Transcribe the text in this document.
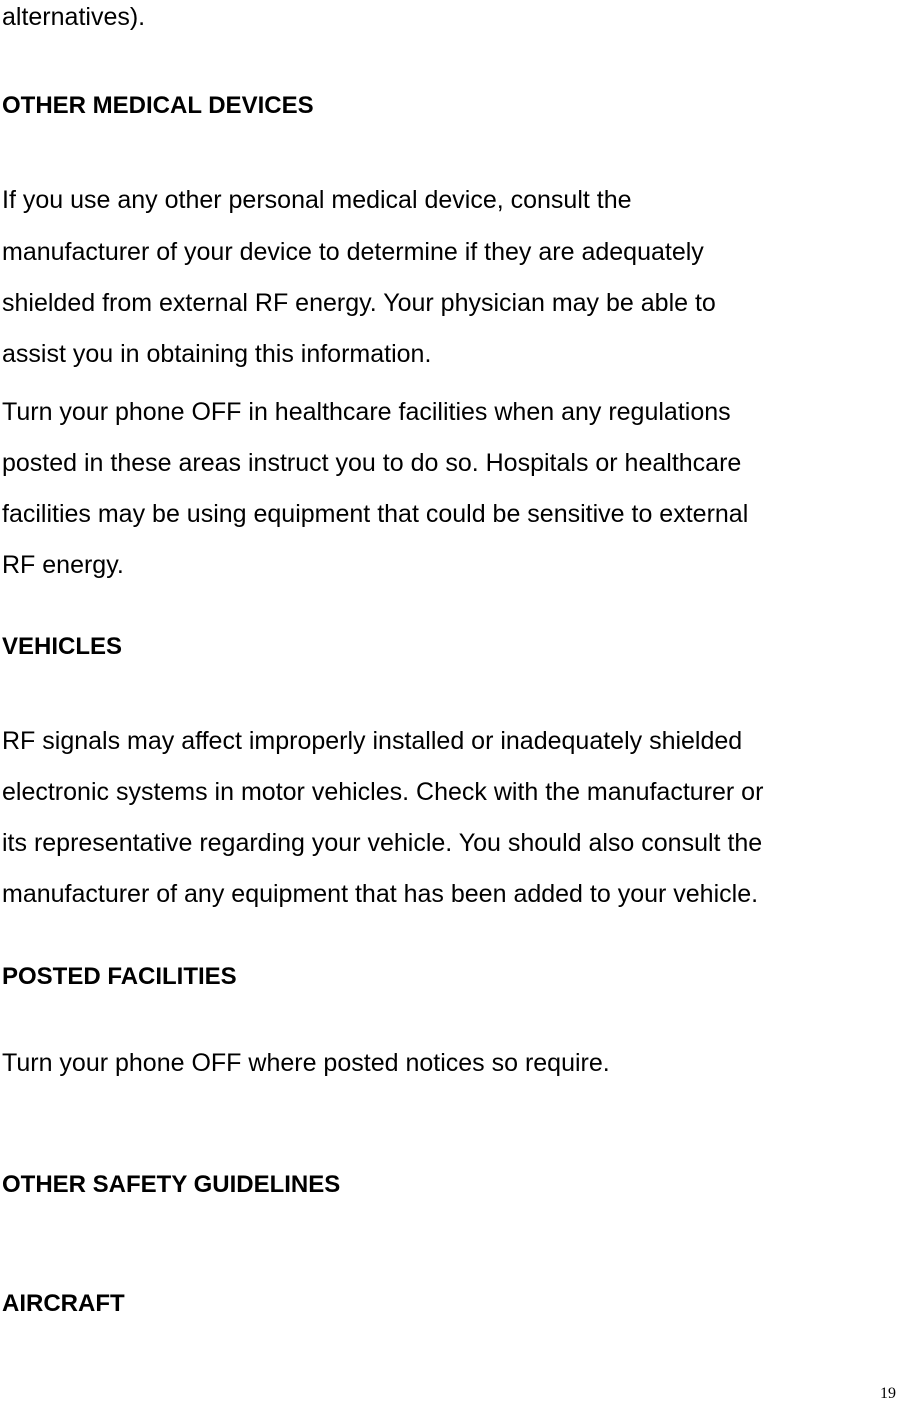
alternatives).
OTHER MEDICAL DEVICES
If you use any other personal medical device, consult the
manufacturer of your device to determine if they are adequately
shielded from external RF energy. Your physician may be able to
assist you in obtaining this information.
Turn your phone OFF in healthcare facilities when any regulations
posted in these areas instruct you to do so. Hospitals or healthcare
facilities may be using equipment that could be sensitive to external
RF energy.
VEHICLES
RF signals may affect improperly installed or inadequately shielded
electronic systems in motor vehicles. Check with the manufacturer or
its representative regarding your vehicle. You should also consult the
manufacturer of any equipment that has been added to your vehicle.
POSTED FACILITIES
Turn your phone OFF where posted notices so require.
OTHER SAFETY GUIDELINES
AIRCRAFT
19
